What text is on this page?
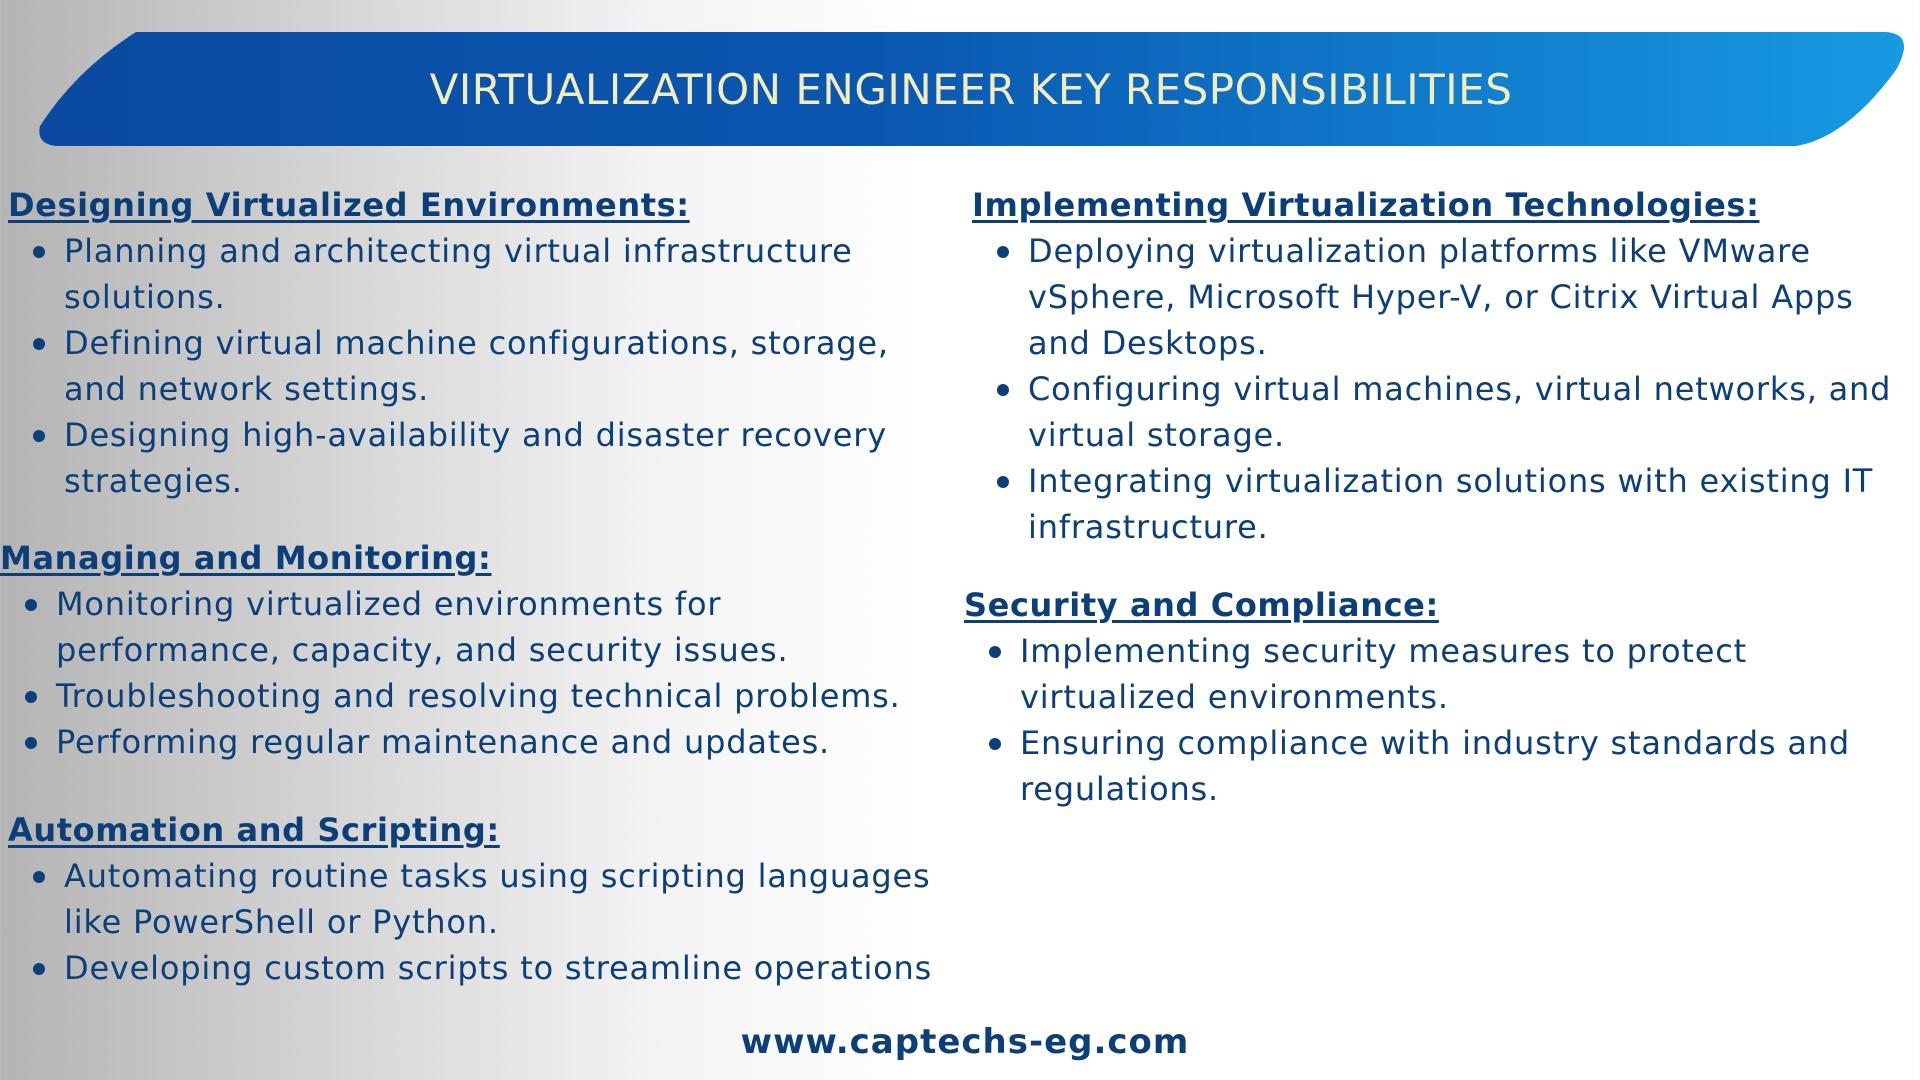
VIRTUALIZATION ENGINEER KEY RESPONSIBILITIES
Designing Virtualized Environments:
Planning and architecting virtual infrastructure solutions.
Defining virtual machine configurations, storage, and network settings.
Designing high-availability and disaster recovery strategies.
Managing and Monitoring:
Monitoring virtualized environments for performance, capacity, and security issues.
Troubleshooting and resolving technical problems.
Performing regular maintenance and updates.
Automation and Scripting:
Automating routine tasks using scripting languages like PowerShell or Python.
Developing custom scripts to streamline operations
Implementing Virtualization Technologies:
Deploying virtualization platforms like VMware vSphere, Microsoft Hyper-V, or Citrix Virtual Apps and Desktops.
Configuring virtual machines, virtual networks, and virtual storage.
Integrating virtualization solutions with existing IT infrastructure.
Security and Compliance:
Implementing security measures to protect virtualized environments.
Ensuring compliance with industry standards and regulations.
www.captechs-eg.com
